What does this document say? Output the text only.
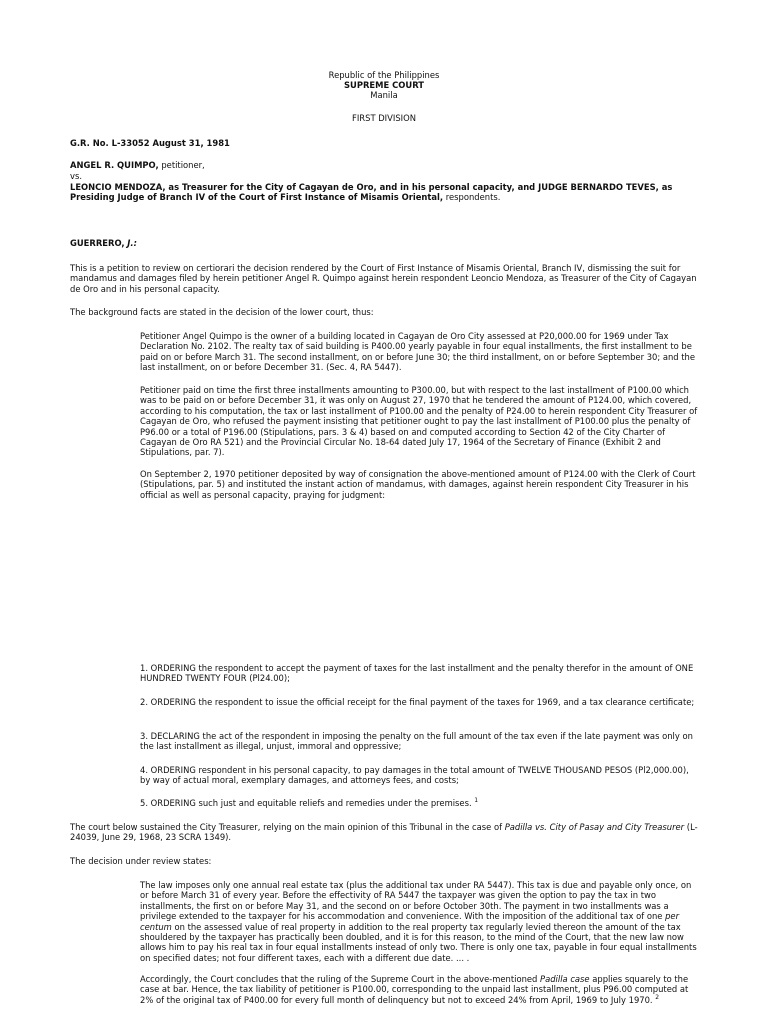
Republic of the Philippines

SUPREME COURT

Manila

FIRST DIVISION

G.R. No. L-33052 August 31, 1981

ANGEL R. QUIMPO, petitioner,

vs.

LEONCIO MENDOZA, as Treasurer for the City of Cagayan de Oro, and in his personal capacity, and JUDGE BERNARDO TEVES, as Presiding Judge of Branch IV of the Court of First Instance of Misamis Oriental, respondents.

GUERRERO, J.:

This is a petition to review on certiorari the decision rendered by the Court of First Instance of Misamis Oriental, Branch IV, dismissing the suit for mandamus and damages filed by herein petitioner Angel R. Quimpo against herein respondent Leoncio Mendoza, as Treasurer of the City of Cagayan de Oro and in his personal capacity.

The background facts are stated in the decision of the lower court, thus:

Petitioner Angel Quimpo is the owner of a building located in Cagayan de Oro City assessed at P20,000.00 for 1969 under Tax Declaration No. 2102. The realty tax of said building is P400.00 yearly payable in four equal installments, the first installment to be paid on or before March 31. The second installment, on or before June 30; the third installment, on or before September 30; and the last installment, on or before December 31. (Sec. 4, RA 5447).

Petitioner paid on time the first three installments amounting to P300.00, but with respect to the last installment of P100.00 which was to be paid on or before December 31, it was only on August 27, 1970 that he tendered the amount of P124.00, which covered, according to his computation, the tax or last installment of P100.00 and the penalty of P24.00 to herein respondent City Treasurer of Cagayan de Oro, who refused the payment insisting that petitioner ought to pay the last installment of P100.00 plus the penalty of P96.00 or a total of P196.00 (Stipulations, pars. 3 & 4) based on and computed according to Section 42 of the City Charter of Cagayan de Oro RA 521) and the Provincial Circular No. 18-64 dated July 17, 1964 of the Secretary of Finance (Exhibit 2 and Stipulations, par. 7).

On September 2, 1970 petitioner deposited by way of consignation the above-mentioned amount of P124.00 with the Clerk of Court (Stipulations, par. 5) and instituted the instant action of mandamus, with damages, against herein respondent City Treasurer in his official as well as personal capacity, praying for judgment:

1. ORDERING the respondent to accept the payment of taxes for the last installment and the penalty therefor in the amount of ONE HUNDRED TWENTY FOUR (Pl24.00);

2. ORDERING the respondent to issue the official receipt for the final payment of the taxes for 1969, and a tax clearance certificate;

3. DECLARING the act of the respondent in imposing the penalty on the full amount of the tax even if the late payment was only on the last installment as illegal, unjust, immoral and oppressive;

4. ORDERING respondent in his personal capacity, to pay damages in the total amount of TWELVE THOUSAND PESOS (Pl2,000.00), by way of actual moral, exemplary damages, and attorneys fees, and costs;

5. ORDERING such just and equitable reliefs and remedies under the premises. $^1$

The court below sustained the City Treasurer, relying on the main opinion of this Tribunal in the case of Padilla vs. City of Pasay and City Treasurer (L-24039, June 29, 1968, 23 SCRA 1349).

The decision under review states:

The law imposes only one annual real estate tax (plus the additional tax under RA 5447). This tax is due and payable only once, on or before March 31 of every year. Before the effectivity of RA 5447 the taxpayer was given the option to pay the tax in two installments, the first on or before May 31, and the second on or before October 30th. The payment in two installments was a privilege extended to the taxpayer for his accommodation and convenience. With the imposition of the additional tax of one per centum on the assessed value of real property in addition to the real property tax regularly levied thereon the amount of the tax shouldered by the taxpayer has practically been doubled, and it is for this reason, to the mind of the Court, that the new law now allows him to pay his real tax in four equal installments instead of only two. There is only one tax, payable in four equal installments on specified dates; not four different taxes, each with a different due date. ... .

Accordingly, the Court concludes that the ruling of the Supreme Court in the above-mentioned Padilla case applies squarely to the case at bar. Hence, the tax liability of petitioner is P100.00, corresponding to the unpaid last installment, plus P96.00 computed at 2% of the original tax of P400.00 for every full month of delinquency but not to exceed 24% from April, 1969 to July 1970. $^2$
